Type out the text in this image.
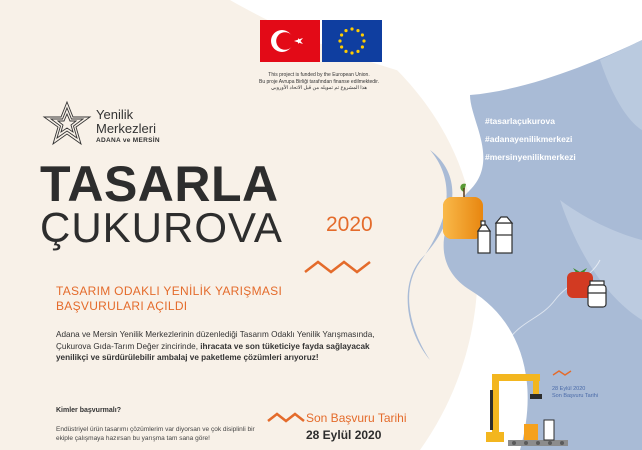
This project is funded by the European Union.
Bu proje Avrupa Birliği tarafından finanse edilmektedir.
هذا المشروع تم تمويله من قبل الاتحاد الأوروبي
Yenilik
Merkezleri
ADANA ve MERSİN
TASARLA
ÇUKUROVA 2020
TASARIM ODAKLI YENİLİK YARIŞMASI
BAŞVURULARI AÇILDI
Adana ve Mersin Yenilik Merkezlerinin düzenlediği Tasarım Odaklı Yenilik Yarışmasında, Çukurova Gıda-Tarım Değer zincirinde, ihracata ve son tüketiciye fayda sağlayacak yenilikçi ve sürdürülebilir ambalaj ve paketleme çözümleri arıyoruz!
Kimler başvurmalı?
Endüstriyel ürün tasarımı çözümlerim var diyorsan ve çok disiplinli bir ekiple çalışmaya hazırsan bu yarışma tam sana göre!
Son Başvuru Tarihi
28 Eylül 2020
#tasarlaçukurova
#adanayenilikmerkezi
#mersinyenilikmerkezi
28 Eylül 2020
Son Başvuru Tarihi
